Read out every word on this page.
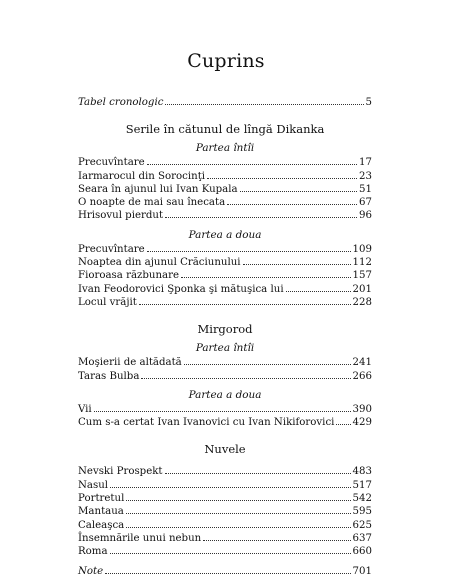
Cuprins
Tabel cronologic	5
Serile în cătunul de lîngă Dikanka
Partea întîi
Precuvîntare	17
Iarmarocul din Sorocinţi	23
Seara în ajunul lui Ivan Kupala	51
O noapte de mai sau înecata	67
Hrisovul pierdut	96
Partea a doua
Precuvîntare	109
Noaptea din ajunul Crăciunului	112
Fioroasa răzbunare	157
Ivan Feodorovici Şponka şi mătuşica lui	201
Locul vrăjit	228
Mirgorod
Partea întîi
Moşierii de altădată	241
Taras Bulba	266
Partea a doua
Vii	390
Cum s-a certat Ivan Ivanovici cu Ivan Nikiforovici 429
Nuvele
Nevski Prospekt	483
Nasul	517
Portretul	542
Mantaua	595
Caleaşca	625
Însemnările unui nebun	637
Roma	660
Note	701
